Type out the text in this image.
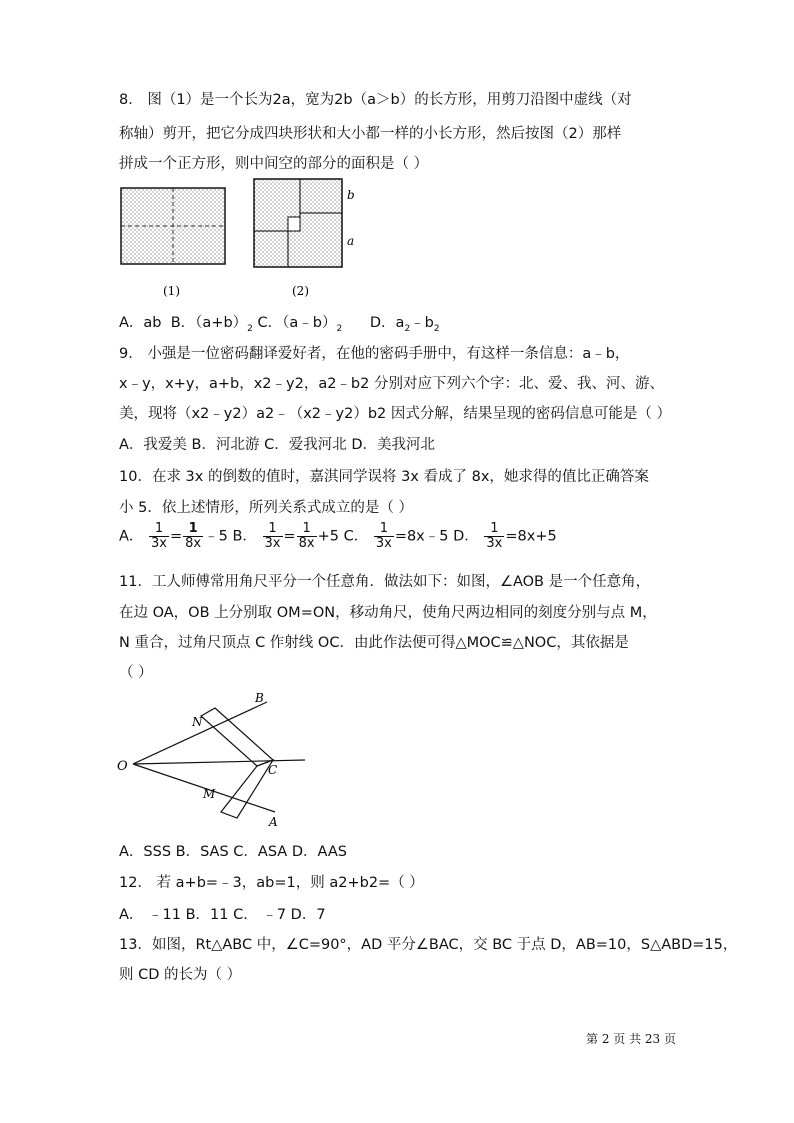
8． 图（1）是一个长为2a，宽为2b（a＞b）的长方形，用剪刀沿图中虚线（对
称轴）剪开，把它分成四块形状和大小都一样的小长方形，然后按图（2）那样
拼成一个正方形，则中间空的部分的面积是（ ）
(1)
b
a
(2)
A．ab B．$(a+b)_2$ C．$(a﹣b)_2$ D．$a_2﹣b_2$
9． 小强是一位密码翻译爱好者，在他的密码手册中，有这样一条信息：a﹣b，
x﹣y，x+y，a+b，x2﹣y2，a2﹣b2 分别对应下列六个字：北、爱、我、河、游、
美，现将（x2﹣y2）a2﹣（x2﹣y2）b2 因式分解，结果呈现的密码信息可能是（ ）
A．我爱美 B．河北游 C．爱我河北 D．美我河北
10．在求 3x 的倒数的值时，嘉淇同学误将 3x 看成了 8x，她求得的值比正确答案
小 5．依上述情形，所列关系式成立的是（ ）
A． $\frac{1}{3x} = \frac{1}{8x}$ ﹣5 B． $\frac{1}{3x} = \frac{1}{8x} +5$ C． $\frac{1}{3x}$ =8x﹣5 D． $\frac{1}{3x} =8x+5$
11．工人师傅常用角尺平分一个任意角．做法如下：如图，∠AOB 是一个任意角，
在边 OA，OB 上分别取 OM=ON，移动角尺，使角尺两边相同的刻度分别与点 M，
N 重合，过角尺顶点 C 作射线 OC．由此作法便可得△MOC≌△NOC，其依据是
（ ）
O
N
B
C
M
A
A．SSS B．SAS C．ASA D．AAS
12． 若 a+b=﹣3，ab=1，则 a2+b2=（ ）
A． ﹣11 B．11 C． ﹣7 D．7
13．如图，Rt△ABC 中，∠C=90°，AD 平分∠BAC，交 BC 于点 D，AB=10，S△ABD=15，
则 CD 的长为（ ）
第 2 页 共 23 页
